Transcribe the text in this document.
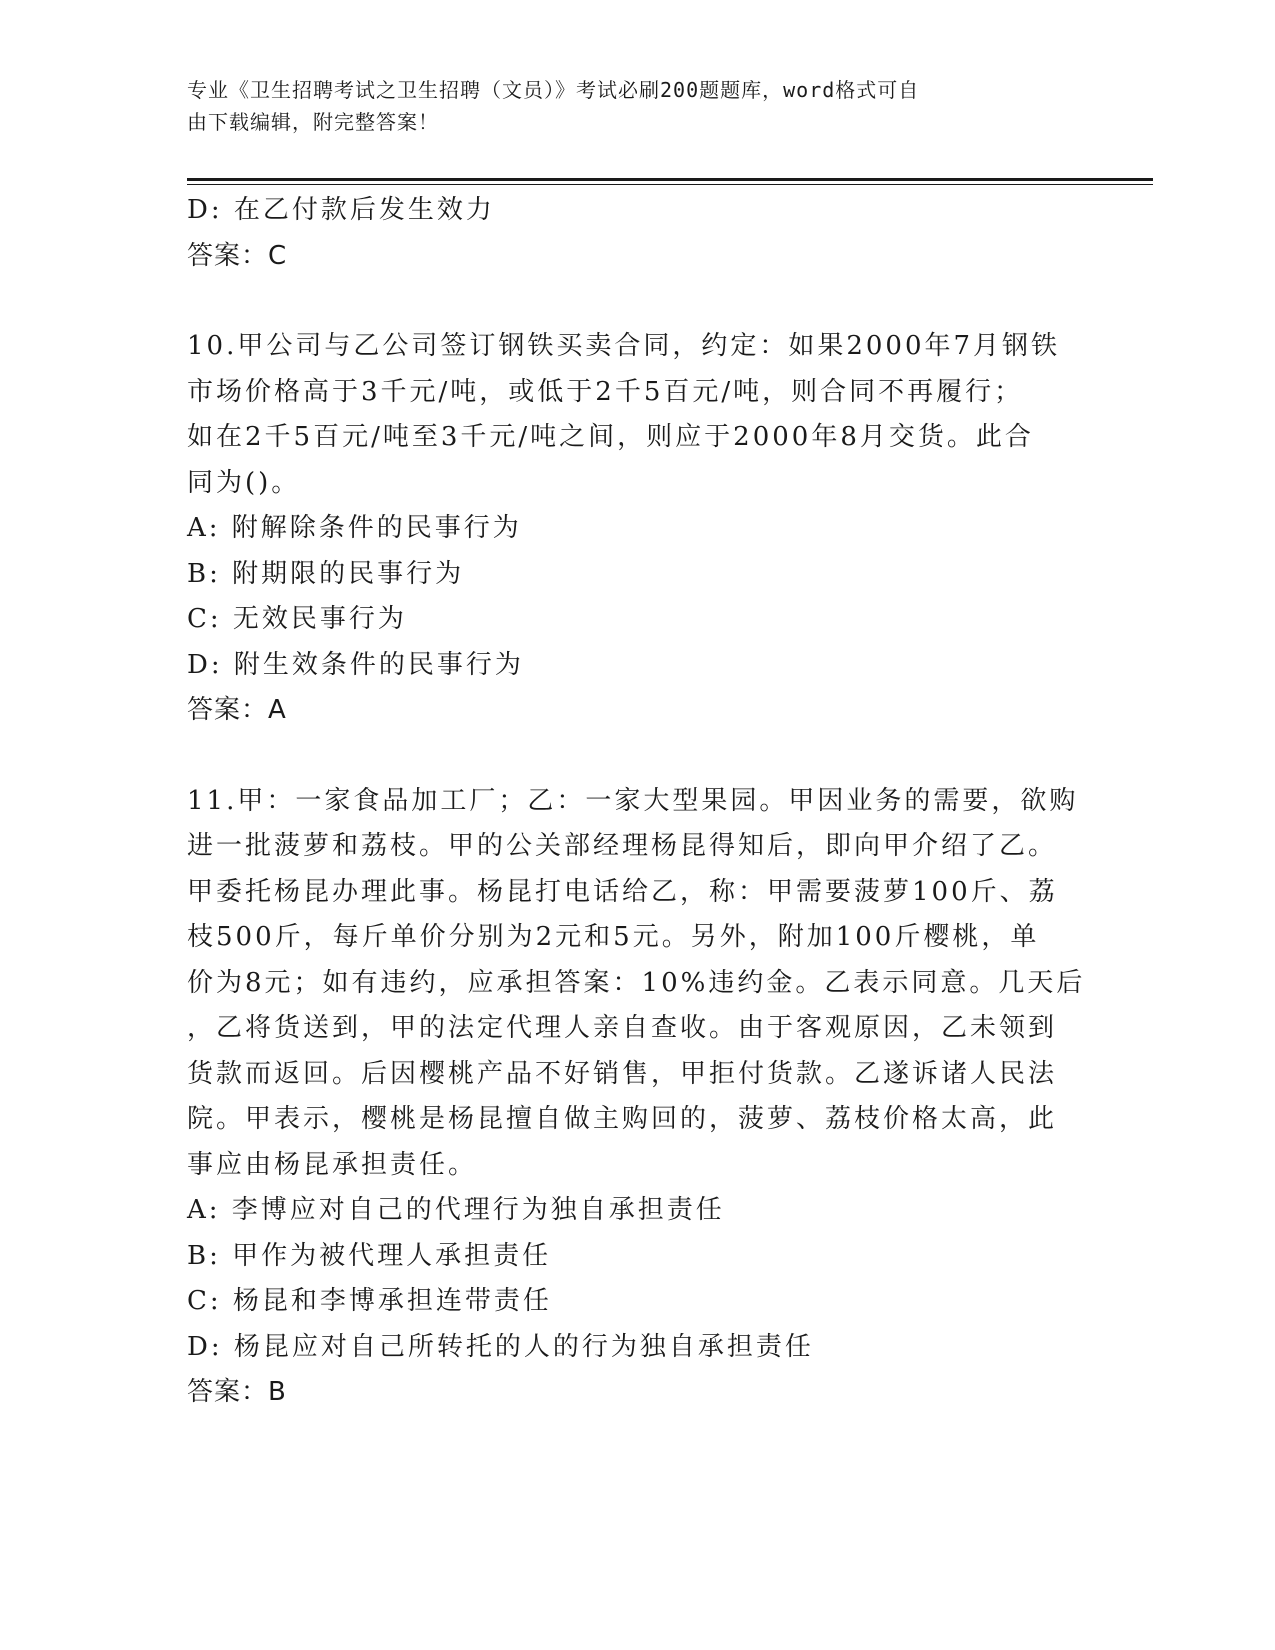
专业《卫生招聘考试之卫生招聘（文员）》考试必刷200题题库，word格式可自
由下载编辑，附完整答案！
D: 在乙付款后发生效力
答案：C
10.甲公司与乙公司签订钢铁买卖合同，约定：如果2000年7月钢铁
市场价格高于3千元/吨，或低于2千5百元/吨，则合同不再履行；
如在2千5百元/吨至3千元/吨之间，则应于2000年8月交货。此合
同为()。
A: 附解除条件的民事行为
B: 附期限的民事行为
C: 无效民事行为
D: 附生效条件的民事行为
答案：A
11.甲：一家食品加工厂；乙：一家大型果园。甲因业务的需要，欲购
进一批菠萝和荔枝。甲的公关部经理杨昆得知后，即向甲介绍了乙。
甲委托杨昆办理此事。杨昆打电话给乙，称：甲需要菠萝100斤、荔
枝500斤，每斤单价分别为2元和5元。另外，附加100斤樱桃，单
价为8元；如有违约，应承担答案：10%违约金。乙表示同意。几天后
，乙将货送到，甲的法定代理人亲自查收。由于客观原因，乙未领到
货款而返回。后因樱桃产品不好销售，甲拒付货款。乙遂诉诸人民法
院。甲表示，樱桃是杨昆擅自做主购回的，菠萝、荔枝价格太高，此
事应由杨昆承担责任。
A: 李博应对自己的代理行为独自承担责任
B: 甲作为被代理人承担责任
C: 杨昆和李博承担连带责任
D: 杨昆应对自己所转托的人的行为独自承担责任
答案：B
